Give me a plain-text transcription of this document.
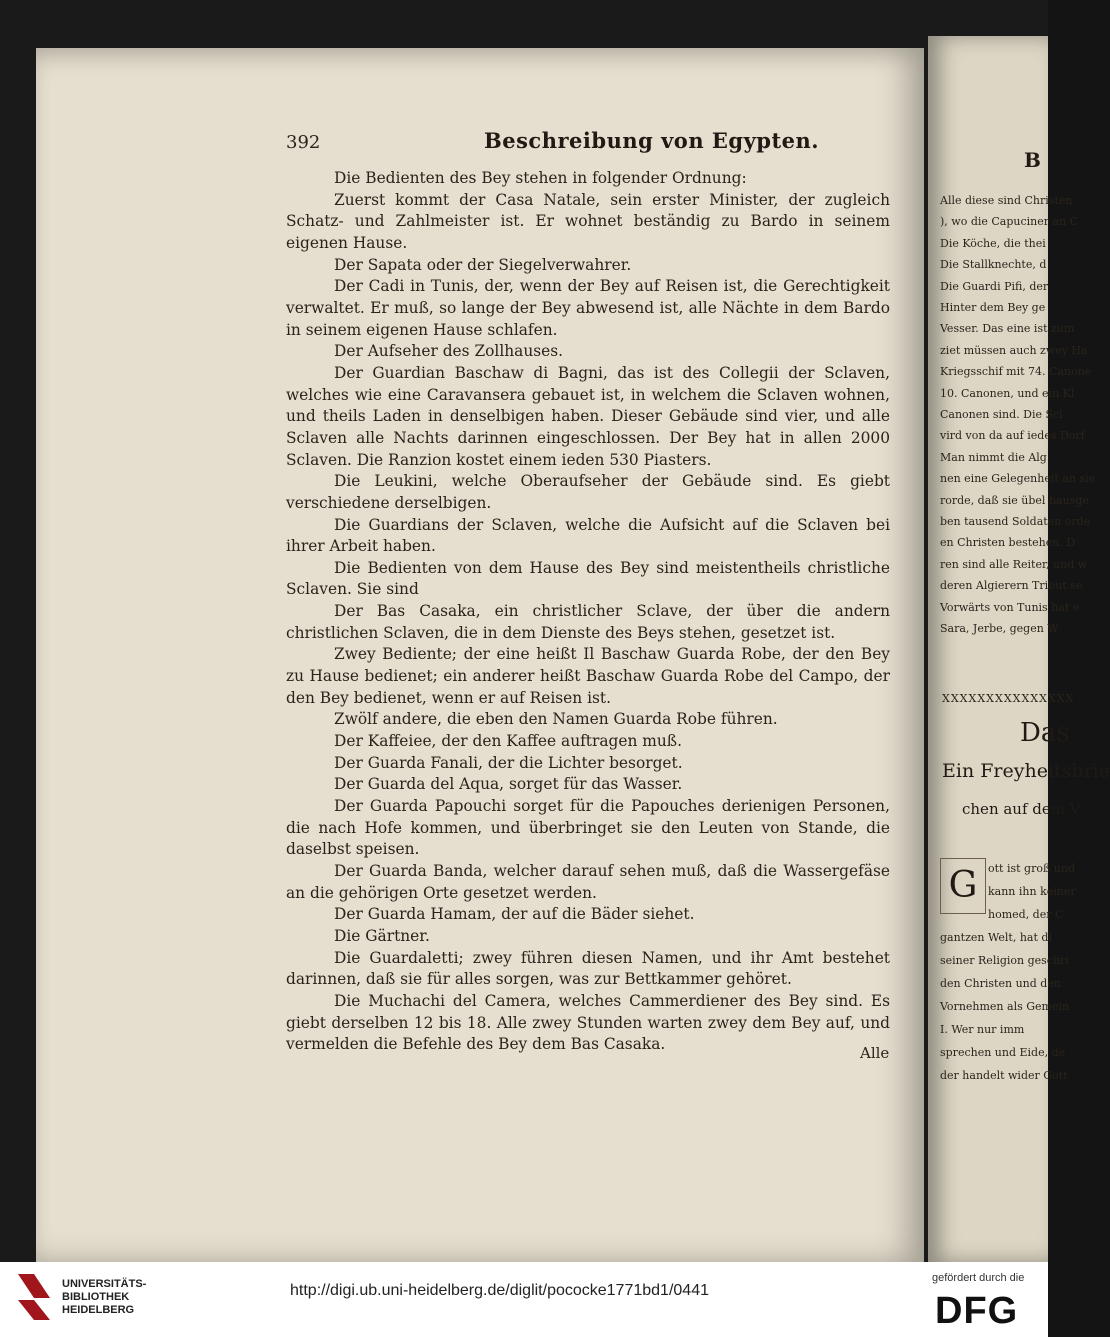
392	Beschreibung von Egypten.

Die Bedienten des Bey stehen in folgender Ordnung:

Zuerst kommt der Casa Natale, sein erster Minister, der zugleich Schatz- und Zahlmeister ist. Er wohnet beständig zu Bardo in seinem eigenen Hause.

Der Sapata oder der Siegelverwahrer.

Der Cadi in Tunis, der, wenn der Bey auf Reisen ist, die Gerechtigkeit verwaltet. Er muß, so lange der Bey abwesend ist, alle Nächte in dem Bardo in seinem eigenen Hause schlafen.

Der Aufseher des Zollhauses.

Der Guardian Baschaw di Bagni, das ist des Collegii der Sclaven, welches wie eine Caravansera gebauet ist, in welchem die Sclaven wohnen, und theils Laden in denselbigen haben. Dieser Gebäude sind vier, und alle Sclaven alle Nachts darinnen eingeschlossen. Der Bey hat in allen 2000 Sclaven. Die Ranzion kostet einem ieden 530 Piasters.

Die Leukini, welche Oberaufseher der Gebäude sind. Es giebt verschiedene derselbigen.

Die Guardians der Sclaven, welche die Aufsicht auf die Sclaven bei ihrer Arbeit haben.

Die Bedienten von dem Hause des Bey sind meistentheils christliche Sclaven. Sie sind

Der Bas Casaka, ein christlicher Sclave, der über die andern christlichen Sclaven, die in dem Dienste des Beys stehen, gesetzet ist.

Zwey Bediente; der eine heißt Il Baschaw Guarda Robe, der den Bey zu Hause bedienet; ein anderer heißt Baschaw Guarda Robe del Campo, der den Bey bedienet, wenn er auf Reisen ist.

Zwölf andere, die eben den Namen Guarda Robe führen.

Der Kaffeiee, der den Kaffee auftragen muß.

Der Guarda Fanali, der die Lichter besorget.

Der Guarda del Aqua, sorget für das Wasser.

Der Guarda Papouchi sorget für die Papouches derienigen Personen, die nach Hofe kommen, und überbringet sie den Leuten von Stande, die daselbst speisen.

Der Guarda Banda, welcher darauf sehen muß, daß die Wassergefäse an die gehörigen Orte gesetzet werden.

Der Guarda Hamam, der auf die Bäder siehet.

Die Gärtner.

Die Guardaletti; zwey führen diesen Namen, und ihr Amt bestehet darinnen, daß sie für alles sorgen, was zur Bettkammer gehöret.

Die Muchachi del Camera, welches Cammerdiener des Bey sind. Es giebt derselben 12 bis 18. Alle zwey Stunden warten zwey dem Bey auf, und vermelden die Befehle des Bey dem Bas Casaka.	Alle
B
Alle diese sind Christen
), wo die Capuciner an C
Die Köche, die thei
Die Stallknechte, d
Die Guardi Pifi, der
Hinter dem Bey ge
Vesser. Das eine ist zum
ziet müssen auch zwey Ha
Kriegsschif mit 74. Canone
10. Canonen, und ein Kl
Canonen sind. Die Scl
vird von da auf iedes Dorf
Man nimmt die Alg
nen eine Gelegenheit an sie
rorde, daß sie übel hausge
ben tausend Soldaten orde
en Christen bestehen. D
ren sind alle Reiter, und w
deren Algierern Tribut se
Vorwärts von Tunis hat e
Sara, Jerbe, gegen W
XXXXXXXXXXXXXXX
Das
Ein Freyheitsbrie
chen auf dem V
G ott ist groß und
kann ihn keiner
homed, der C
gantzen Welt, hat di
seiner Religion geschri
den Christen und den
Vornehmen als Gemein
I. Wer nur imm
sprechen und Eide, de
der handelt wider Gott
UNIVERSITÄTS-
BIBLIOTHEK
HEIDELBERG
http://digi.ub.uni-heidelberg.de/diglit/pococke1771bd1/0441
gefördert durch die
DFG
